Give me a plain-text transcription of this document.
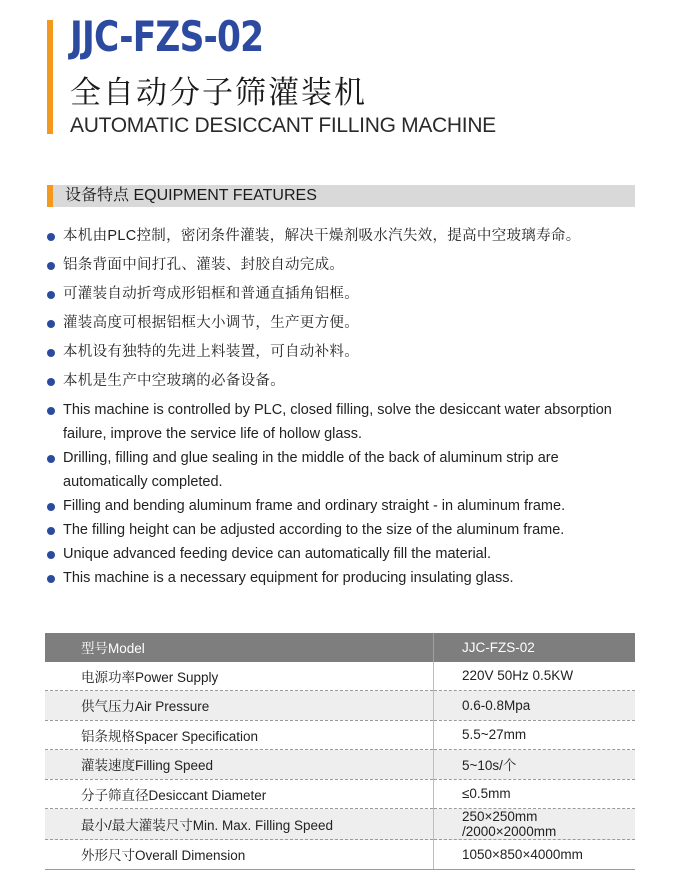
JJC-FZS-02
全自动分子筛灌装机
AUTOMATIC DESICCANT FILLING MACHINE
设备特点 EQUIPMENT FEATURES
本机由PLC控制，密闭条件灌装，解决干燥剂吸水汽失效，提高中空玻璃寿命。
铝条背面中间打孔、灌装、封胶自动完成。
可灌装自动折弯成形铝框和普通直插角铝框。
灌装高度可根据铝框大小调节，生产更方便。
本机设有独特的先进上料装置，可自动补料。
本机是生产中空玻璃的必备设备。
This machine is controlled by PLC, closed filling, solve the desiccant water absorption failure, improve the service life of hollow glass.
Drilling, filling and glue sealing in the middle of the back of aluminum strip are automatically completed.
Filling and bending aluminum frame and ordinary straight - in aluminum frame.
The filling height can be adjusted according to the size of the aluminum frame.
Unique advanced feeding device can automatically fill the material.
This machine is a necessary equipment for producing insulating glass.
型号Model	JJC-FZS-02
电源功率Power Supply	220V 50Hz 0.5KW
供气压力Air Pressure	0.6-0.8Mpa
铝条规格Spacer Specification	5.5~27mm
灌装速度Filling Speed	5~10s/个
分子筛直径Desiccant Diameter	≤0.5mm
最小/最大灌装尺寸Min. Max. Filling Speed	250×250mm /2000×2000mm
外形尺寸Overall Dimension	1050×850×4000mm
